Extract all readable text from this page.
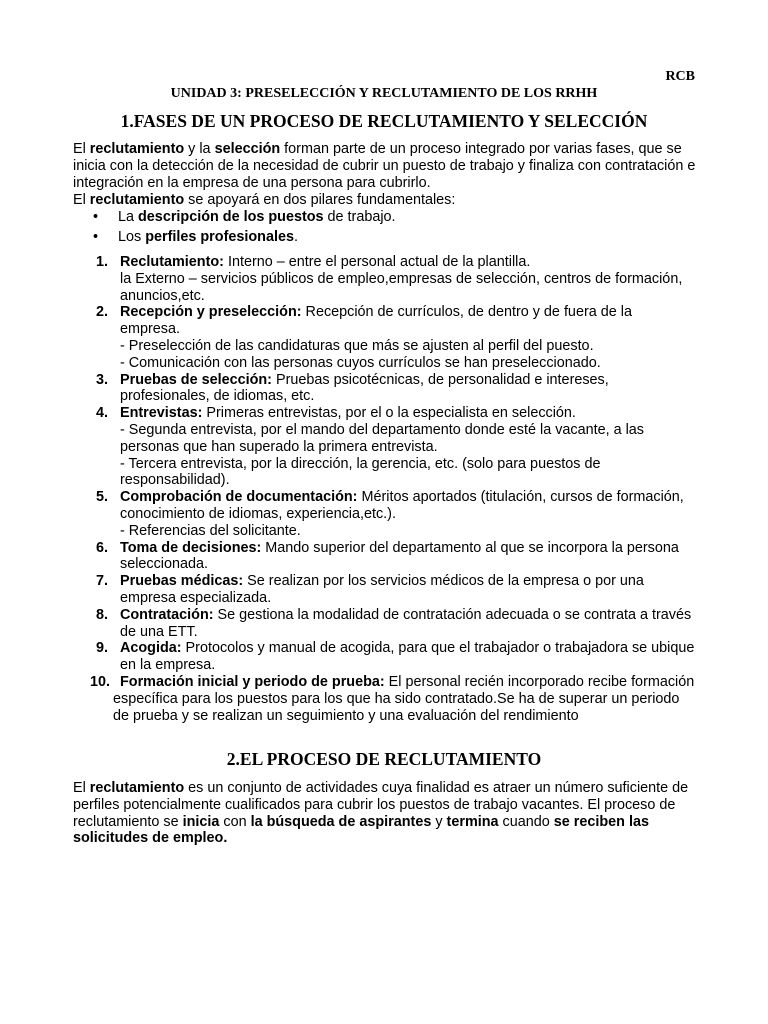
RCB
UNIDAD 3: PRESELECCIÓN Y RECLUTAMIENTO DE LOS RRHH
1.FASES DE UN PROCESO DE RECLUTAMIENTO Y SELECCIÓN
El reclutamiento y la selección forman parte de un proceso integrado por varias fases, que se inicia con la detección de la necesidad de cubrir un puesto de trabajo y finaliza con contratación e integración en la empresa de una persona para cubrirlo.
El reclutamiento se apoyará en dos pilares fundamentales:
• La descripción de los puestos de trabajo.
• Los perfiles profesionales.
1. Reclutamiento: Interno – entre el personal actual de la plantilla.
la Externo – servicios públicos de empleo,empresas de selección, centros de formación, anuncios,etc.
2. Recepción y preselección: Recepción de currículos, de dentro y de fuera de la empresa.
- Preselección de las candidaturas que más se ajusten al perfil del puesto.
- Comunicación con las personas cuyos currículos se han preseleccionado.
3. Pruebas de selección: Pruebas psicotécnicas, de personalidad e intereses, profesionales, de idiomas, etc.
4. Entrevistas: Primeras entrevistas, por el o la especialista en selección.
- Segunda entrevista, por el mando del departamento donde esté la vacante, a las personas que han superado la primera entrevista.
- Tercera entrevista, por la dirección, la gerencia, etc. (solo para puestos de responsabilidad).
5. Comprobación de documentación: Méritos aportados (titulación, cursos de formación, conocimiento de idiomas, experiencia,etc.).
- Referencias del solicitante.
6. Toma de decisiones: Mando superior del departamento al que se incorpora la persona seleccionada.
7. Pruebas médicas: Se realizan por los servicios médicos de la empresa o por una empresa especializada.
8. Contratación: Se gestiona la modalidad de contratación adecuada o se contrata a través de una ETT.
9. Acogida: Protocolos y manual de acogida, para que el trabajador o trabajadora se ubique en la empresa.
10. Formación inicial y periodo de prueba: El personal recién incorporado recibe formación específica para los puestos para los que ha sido contratado.Se ha de superar un periodo de prueba y se realizan un seguimiento y una evaluación del rendimiento
2.EL PROCESO DE RECLUTAMIENTO
El reclutamiento es un conjunto de actividades cuya finalidad es atraer un número suficiente de perfiles potencialmente cualificados para cubrir los puestos de trabajo vacantes. El proceso de reclutamiento se inicia con la búsqueda de aspirantes y termina cuando se reciben las solicitudes de empleo.
